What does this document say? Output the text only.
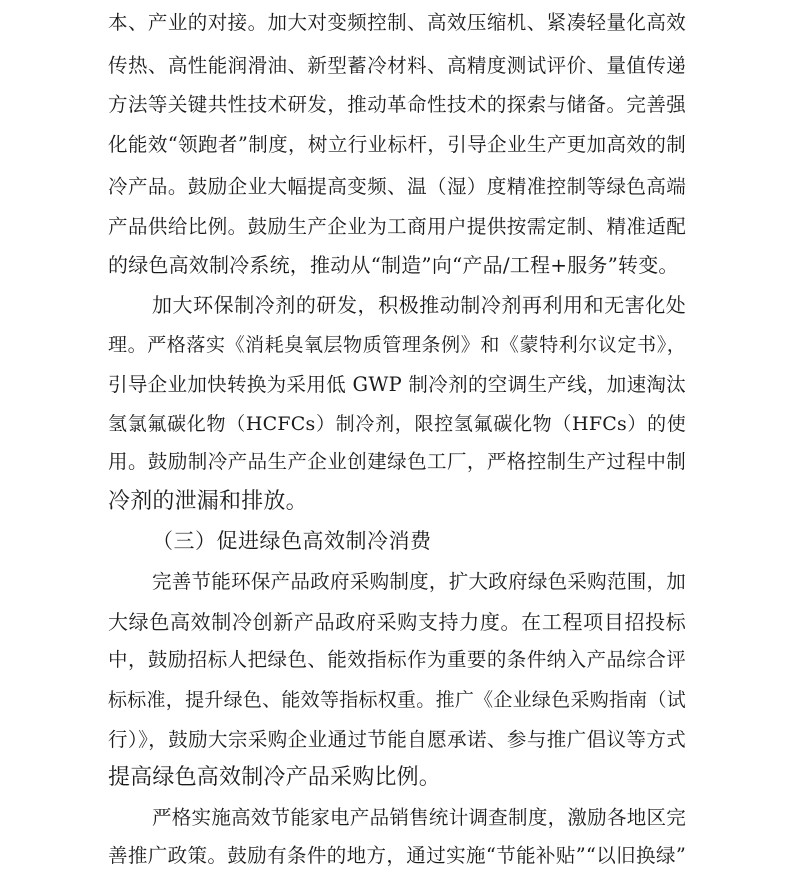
本、产业的对接。加大对变频控制、高效压缩机、紧凑轻量化高效
传热、高性能润滑油、新型蓄冷材料、高精度测试评价、量值传递
方法等关键共性技术研发，推动革命性技术的探索与储备。完善强
化能效“领跑者”制度，树立行业标杆，引导企业生产更加高效的制
冷产品。鼓励企业大幅提高变频、温（湿）度精准控制等绿色高端
产品供给比例。鼓励生产企业为工商用户提供按需定制、精准适配
的绿色高效制冷系统，推动从“制造”向“产品/工程+服务”转变。
加大环保制冷剂的研发，积极推动制冷剂再利用和无害化处
理。严格落实《消耗臭氧层物质管理条例》和《蒙特利尔议定书》，
引导企业加快转换为采用低 GWP 制冷剂的空调生产线，加速淘汰
氢氯氟碳化物（HCFCs）制冷剂，限控氢氟碳化物（HFCs）的使
用。鼓励制冷产品生产企业创建绿色工厂，严格控制生产过程中制
冷剂的泄漏和排放。
（三）促进绿色高效制冷消费
完善节能环保产品政府采购制度，扩大政府绿色采购范围，加
大绿色高效制冷创新产品政府采购支持力度。在工程项目招投标
中，鼓励招标人把绿色、能效指标作为重要的条件纳入产品综合评
标标准，提升绿色、能效等指标权重。推广《企业绿色采购指南（试
行）》，鼓励大宗采购企业通过节能自愿承诺、参与推广倡议等方式
提高绿色高效制冷产品采购比例。
严格实施高效节能家电产品销售统计调查制度，激励各地区完
善推广政策。鼓励有条件的地方，通过实施“节能补贴”“以旧换绿”
